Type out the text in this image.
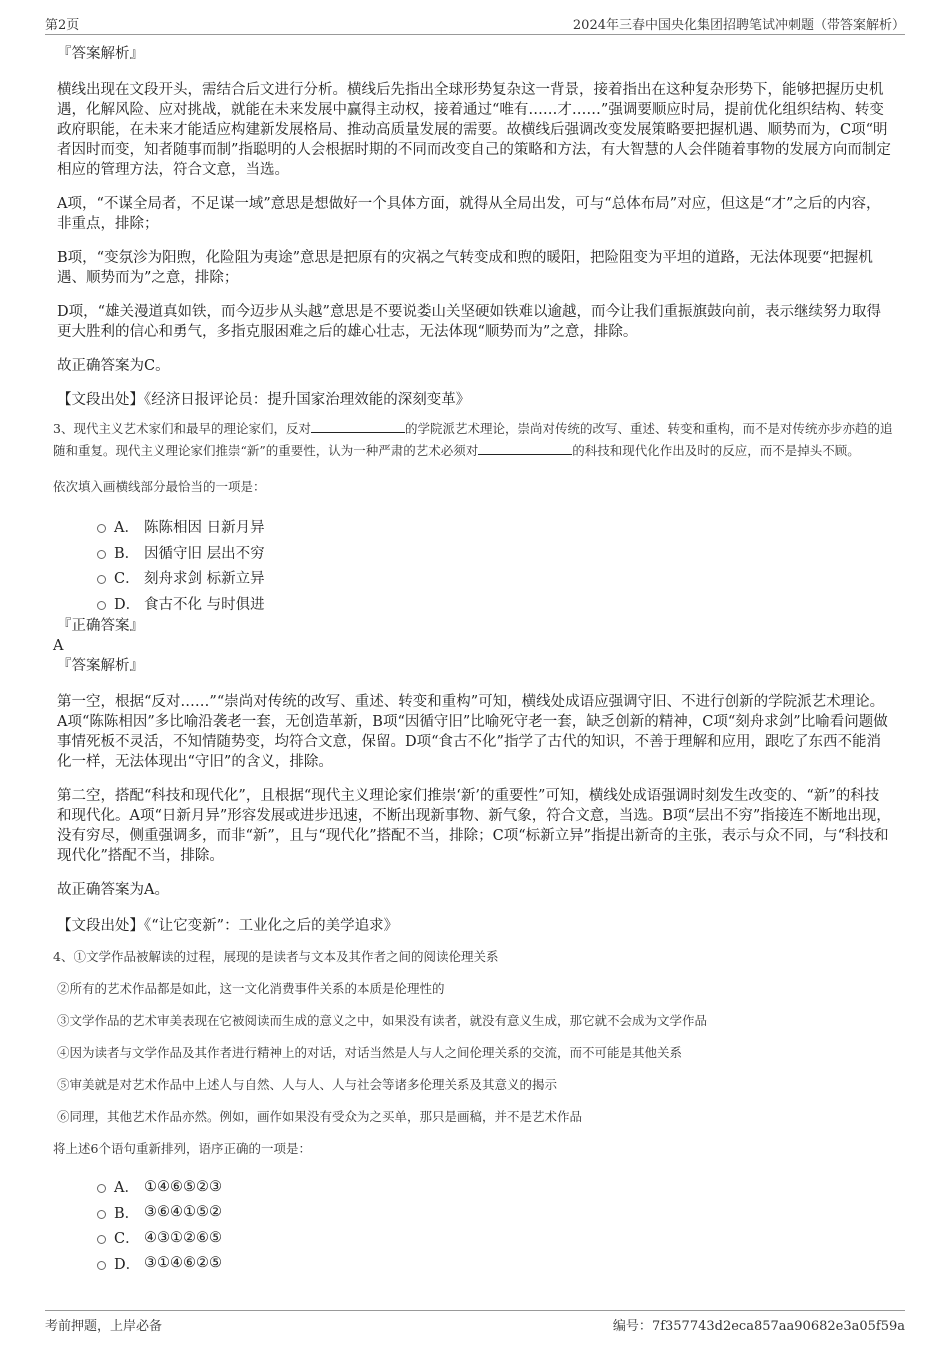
第2页	2024年三春中国央化集团招聘笔试冲刺题（带答案解析）

『答案解析』

横线出现在文段开头，需结合后文进行分析。横线后先指出全球形势复杂这一背景，接着指出在这种复杂形势下，能够把握历史机遇，化解风险、应对挑战，就能在未来发展中赢得主动权，接着通过“唯有……才……”强调要顺应时局，提前优化组织结构、转变政府职能，在未来才能适应构建新发展格局、推动高质量发展的需要。故横线后强调改变发展策略要把握机遇、顺势而为，C项“明者因时而变，知者随事而制”指聪明的人会根据时期的不同而改变自己的策略和方法，有大智慧的人会伴随着事物的发展方向而制定相应的管理方法，符合文意，当选。

A项，“不谋全局者，不足谋一域”意思是想做好一个具体方面，就得从全局出发，可与“总体布局”对应，但这是“才”之后的内容，非重点，排除；

B项，“变氛沴为阳煦，化险阻为夷途”意思是把原有的灾祸之气转变成和煦的暖阳，把险阻变为平坦的道路，无法体现要“把握机遇、顺势而为”之意，排除；

D项，“雄关漫道真如铁，而今迈步从头越”意思是不要说娄山关坚硬如铁难以逾越，而今让我们重振旗鼓向前，表示继续努力取得更大胜利的信心和勇气，多指克服困难之后的雄心壮志，无法体现“顺势而为”之意，排除。

故正确答案为C。

【文段出处】《经济日报评论员：提升国家治理效能的深刻变革》

3、现代主义艺术家们和最早的理论家们，反对	的学院派艺术理论，崇尚对传统的改写、重述、转变和重构，而不是对传统亦步亦趋的追随和重复。现代主义理论家们推崇“新”的重要性，认为一种严肃的艺术必须对	的科技和现代化作出及时的反应，而不是掉头不顾。

依次填入画横线部分最恰当的一项是：

A． 陈陈相因 日新月异
B． 因循守旧 层出不穷
C． 刻舟求剑 标新立异
D． 食古不化 与时俱进

『正确答案』

A

『答案解析』

第一空，根据“反对……”“崇尚对传统的改写、重述、转变和重构”可知，横线处成语应强调守旧、不进行创新的学院派艺术理论。A项“陈陈相因”多比喻沿袭老一套，无创造革新，B项“因循守旧”比喻死守老一套，缺乏创新的精神，C项“刻舟求剑”比喻看问题做事情死板不灵活，不知情随势变，均符合文意，保留。D项“食古不化”指学了古代的知识，不善于理解和应用，跟吃了东西不能消化一样，无法体现出“守旧”的含义，排除。

第二空，搭配“科技和现代化”，且根据“现代主义理论家们推崇‘新’的重要性”可知，横线处成语强调时刻发生改变的、“新”的科技和现代化。A项“日新月异”形容发展或进步迅速，不断出现新事物、新气象，符合文意，当选。B项“层出不穷”指接连不断地出现，没有穷尽，侧重强调多，而非“新”，且与“现代化”搭配不当，排除；C项“标新立异”指提出新奇的主张，表示与众不同，与“科技和现代化”搭配不当，排除。

故正确答案为A。

【文段出处】《“让它变新”：工业化之后的美学追求》

4、①文学作品被解读的过程，展现的是读者与文本及其作者之间的阅读伦理关系

②所有的艺术作品都是如此，这一文化消费事件关系的本质是伦理性的

③文学作品的艺术审美表现在它被阅读而生成的意义之中，如果没有读者，就没有意义生成，那它就不会成为文学作品

④因为读者与文学作品及其作者进行精神上的对话，对话当然是人与人之间伦理关系的交流，而不可能是其他关系

⑤审美就是对艺术作品中上述人与自然、人与人、人与社会等诸多伦理关系及其意义的揭示

⑥同理，其他艺术作品亦然。例如，画作如果没有受众为之买单，那只是画稿，并不是艺术作品

将上述6个语句重新排列，语序正确的一项是：

A． ①④⑥⑤②③
B． ③⑥④①⑤②
C． ④③①②⑥⑤
D． ③①④⑥②⑤
考前押题，上岸必备	编号：7f357743d2eca857aa90682e3a05f59a
